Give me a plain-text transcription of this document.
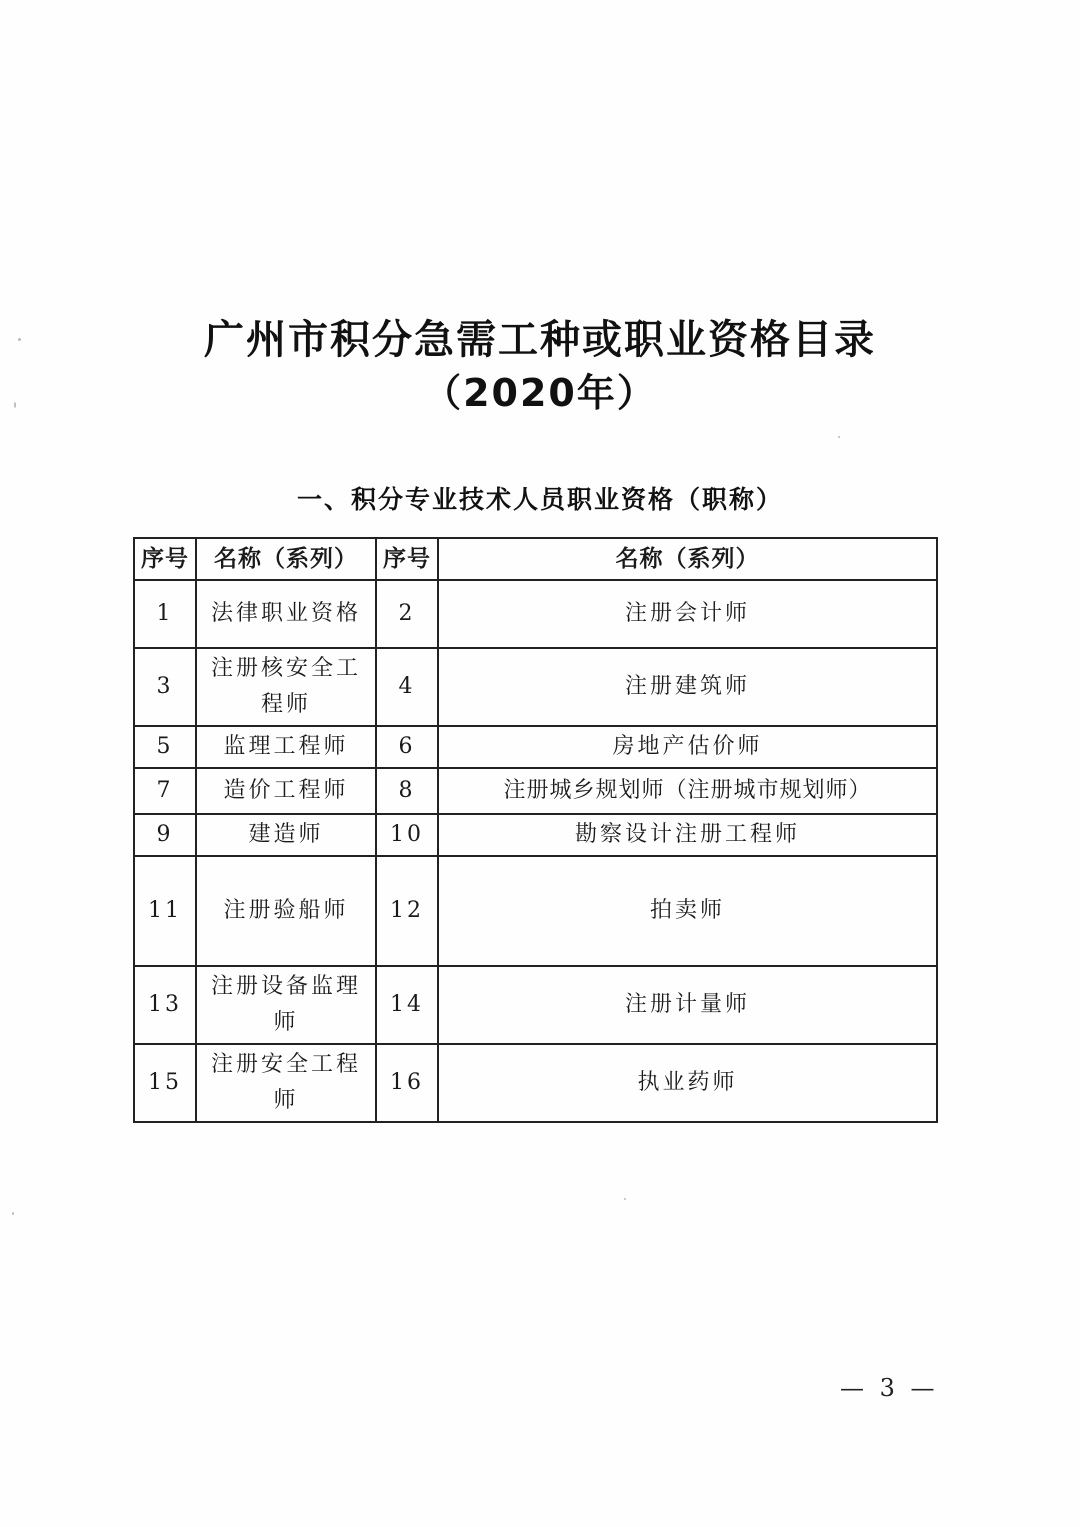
广州市积分急需工种或职业资格目录
（2020年）
一、积分专业技术人员职业资格（职称）
序号	名称（系列）	序号	名称（系列）
1	法律职业资格	2	注册会计师
3	注册核安全工程师	4	注册建筑师
5	监理工程师	6	房地产估价师
7	造价工程师	8	注册城乡规划师（注册城市规划师）
9	建造师	10	勘察设计注册工程师
11	注册验船师	12	拍卖师
13	注册设备监理师	14	注册计量师
15	注册安全工程师	16	执业药师
— 3 —
